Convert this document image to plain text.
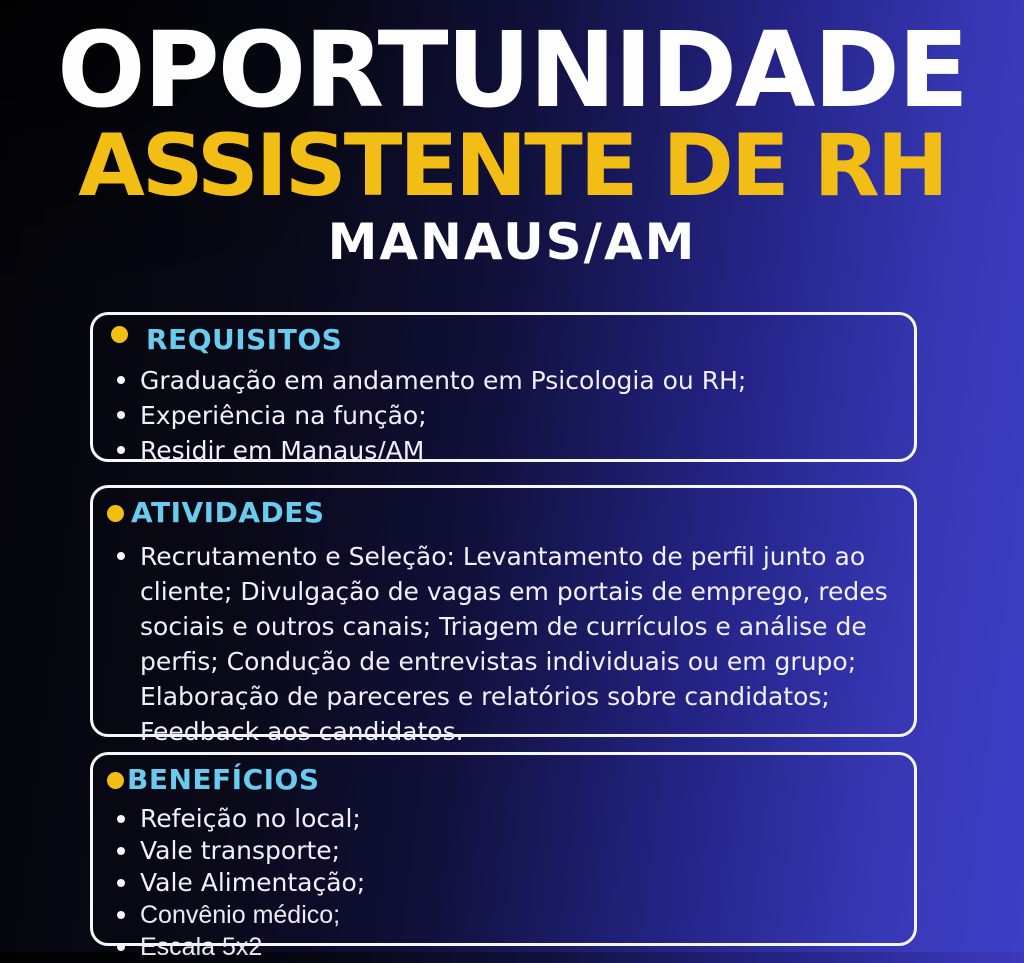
OPORTUNIDADE
ASSISTENTE DE RH
MANAUS/AM
REQUISITOS
Graduação em andamento em Psicologia ou RH;
Experiência na função;
Residir em Manaus/AM
ATIVIDADES
Recrutamento e Seleção: Levantamento de perfil junto ao cliente; Divulgação de vagas em portais de emprego, redes sociais e outros canais; Triagem de currículos e análise de perfis; Condução de entrevistas individuais ou em grupo; Elaboração de pareceres e relatórios sobre candidatos; Feedback aos candidatos.
BENEFÍCIOS
Refeição no local;
Vale transporte;
Vale Alimentação;
Convênio médico;
Escala 5x2
